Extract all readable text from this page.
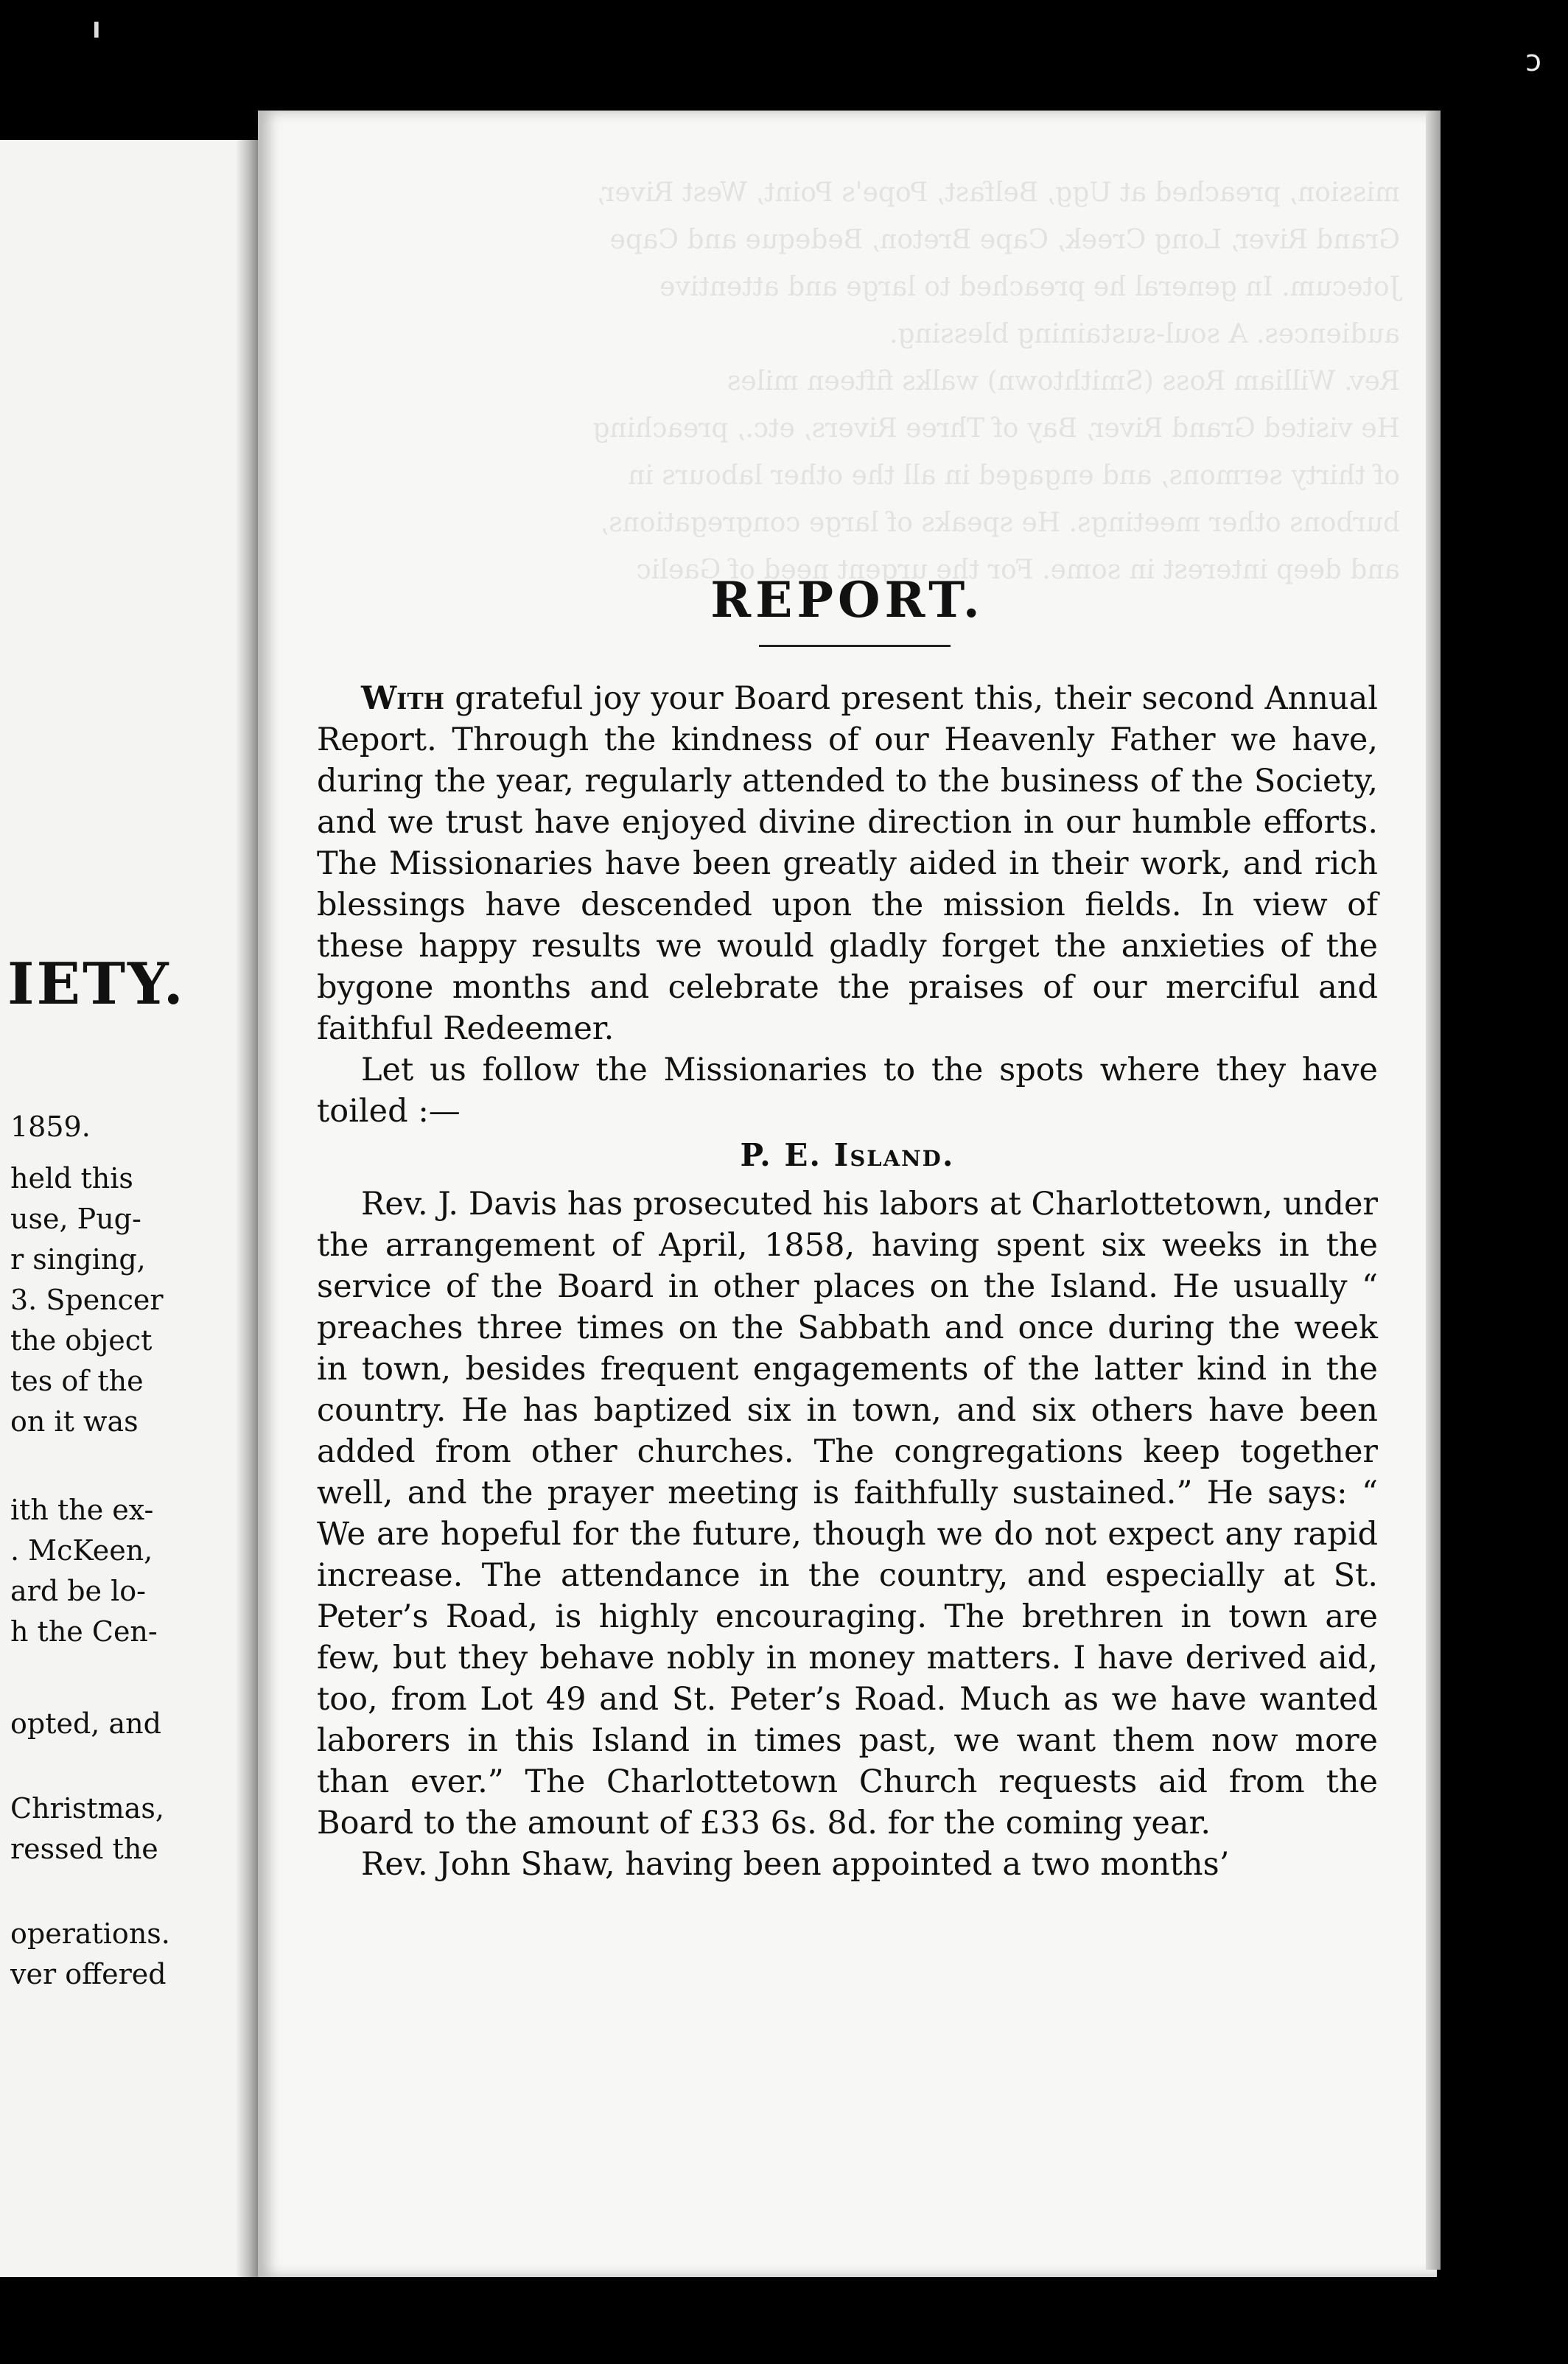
╻
ↄ
IETY.
1859.
held this
use, Pug-
r singing,
3. Spencer
the object
tes of the
on it was
ith the ex-
. McKeen,
ard be lo-
h the Cen-
opted, and
Christmas,
ressed the
operations.
ver offered
mission, preached at Ugg, Belfast, Pope's Point, West River,
Grand River, Long Creek, Cape Breton, Bedeque and Cape
Jotecum. In general he preached to large and attentive
audiences. A soul-sustaining blessing.
Rev. William Ross (Smithtown) walks fifteen miles
He visited Grand River, Bay of Three Rivers, etc., preaching
of thirty sermons, and engaged in all the other labours in
burbons other meetings. He speaks of large congregations,
and deep interest in some. For the urgent need of Gaelic
REPORT.

With grateful joy your Board present this, their second Annual Report. Through the kindness of our Heavenly Father we have, during the year, regularly attended to the business of the Society, and we trust have enjoyed divine direction in our humble efforts. The Missionaries have been greatly aided in their work, and rich blessings have descended upon the mission fields. In view of these happy results we would gladly forget the anxieties of the bygone months and celebrate the praises of our merciful and faithful Redeemer.

Let us follow the Missionaries to the spots where they have toiled :—

P. E. Island.

Rev. J. Davis has prosecuted his labors at Charlottetown, under the arrangement of April, 1858, having spent six weeks in the service of the Board in other places on the Island. He usually “ preaches three times on the Sabbath and once during the week in town, besides frequent engagements of the latter kind in the country. He has baptized six in town, and six others have been added from other churches. The congregations keep together well, and the prayer meeting is faithfully sustained.” He says: “ We are hopeful for the future, though we do not expect any rapid increase. The attendance in the country, and especially at St. Peter’s Road, is highly encouraging. The brethren in town are few, but they behave nobly in money matters. I have derived aid, too, from Lot 49 and St. Peter’s Road. Much as we have wanted laborers in this Island in times past, we want them now more than ever.” The Charlottetown Church requests aid from the Board to the amount of £33 6s. 8d. for the coming year.

Rev. John Shaw, having been appointed a two months’
